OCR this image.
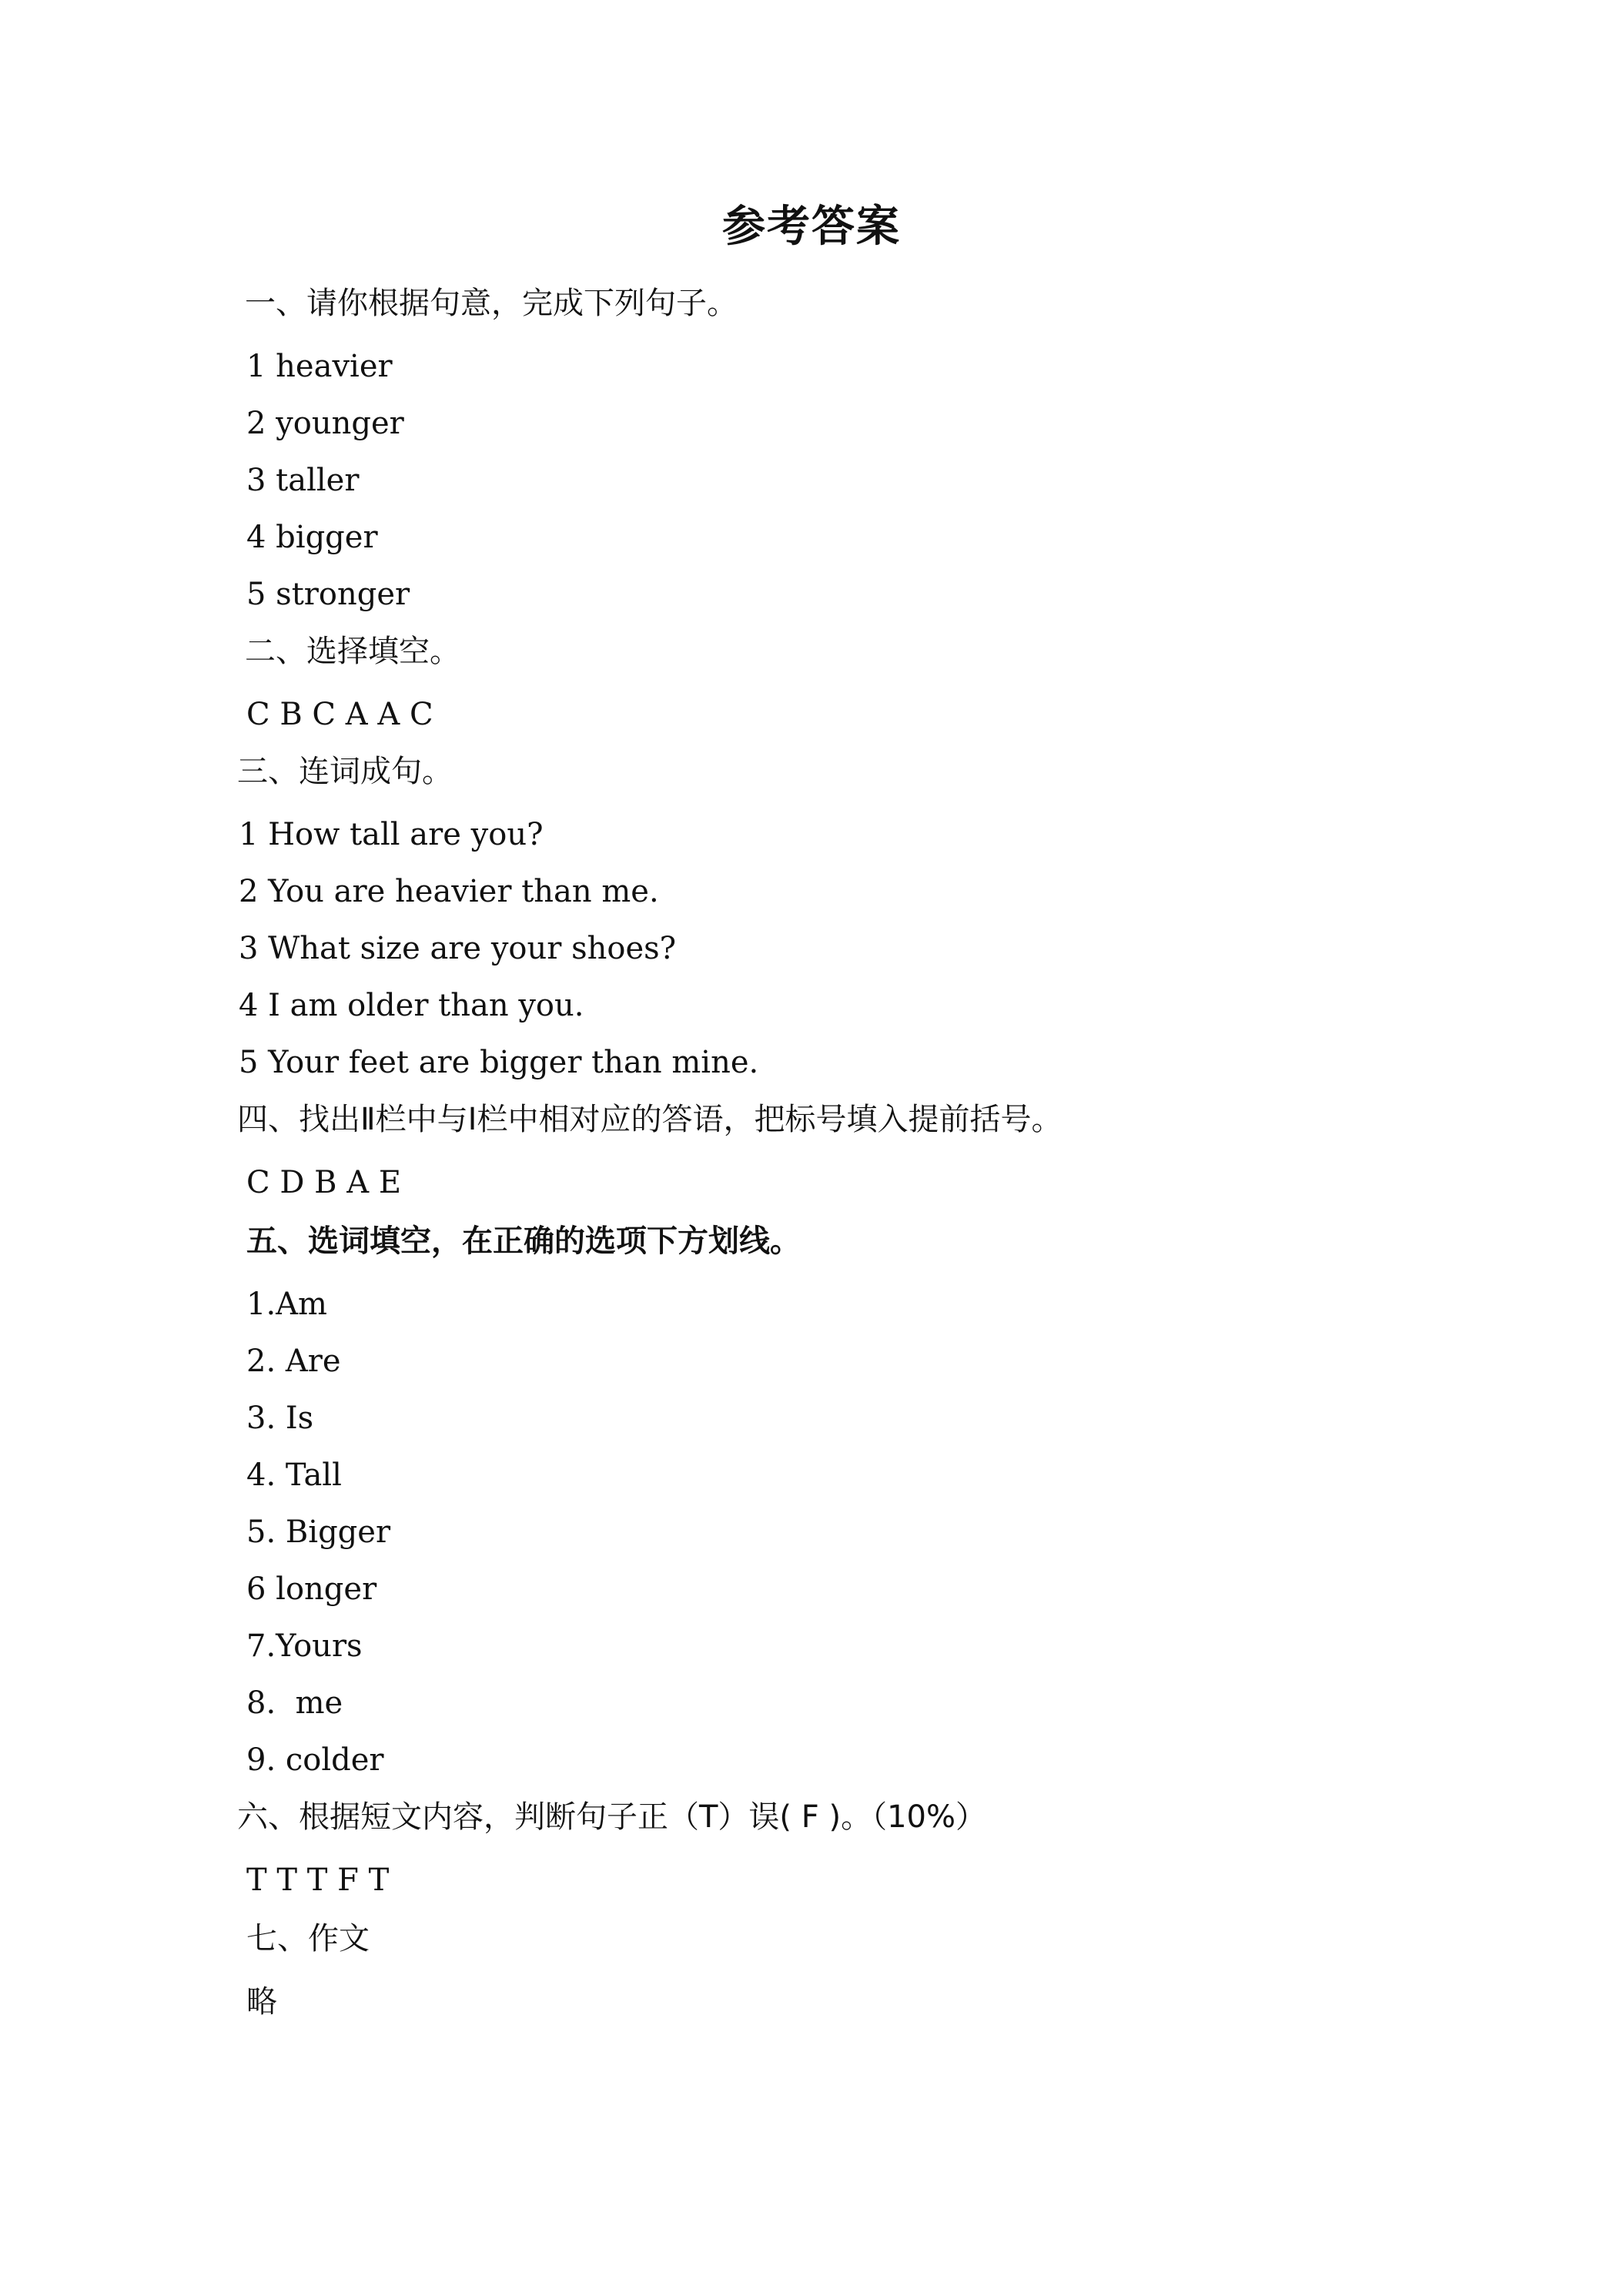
参考答案
一、请你根据句意，完成下列句子。
1 heavier
2 younger
3 taller
4 bigger
5 stronger
二、选择填空。
C B C A A C
三、连词成句。
1 How tall are you?
2 You are heavier than me.
3 What size are your shoes?
4 I am older than you.
5 Your feet are bigger than mine.
四、找出Ⅱ栏中与Ⅰ栏中相对应的答语，把标号填入提前括号。
C D B A E
五、选词填空，在正确的选项下方划线。
1.Am
2. Are
3. Is
4. Tall
5. Bigger
6 longer
7.Yours
8.  me
9. colder
六、根据短文内容，判断句子正（T）误( F )。（10%）
T T T F T
七、作文
略
